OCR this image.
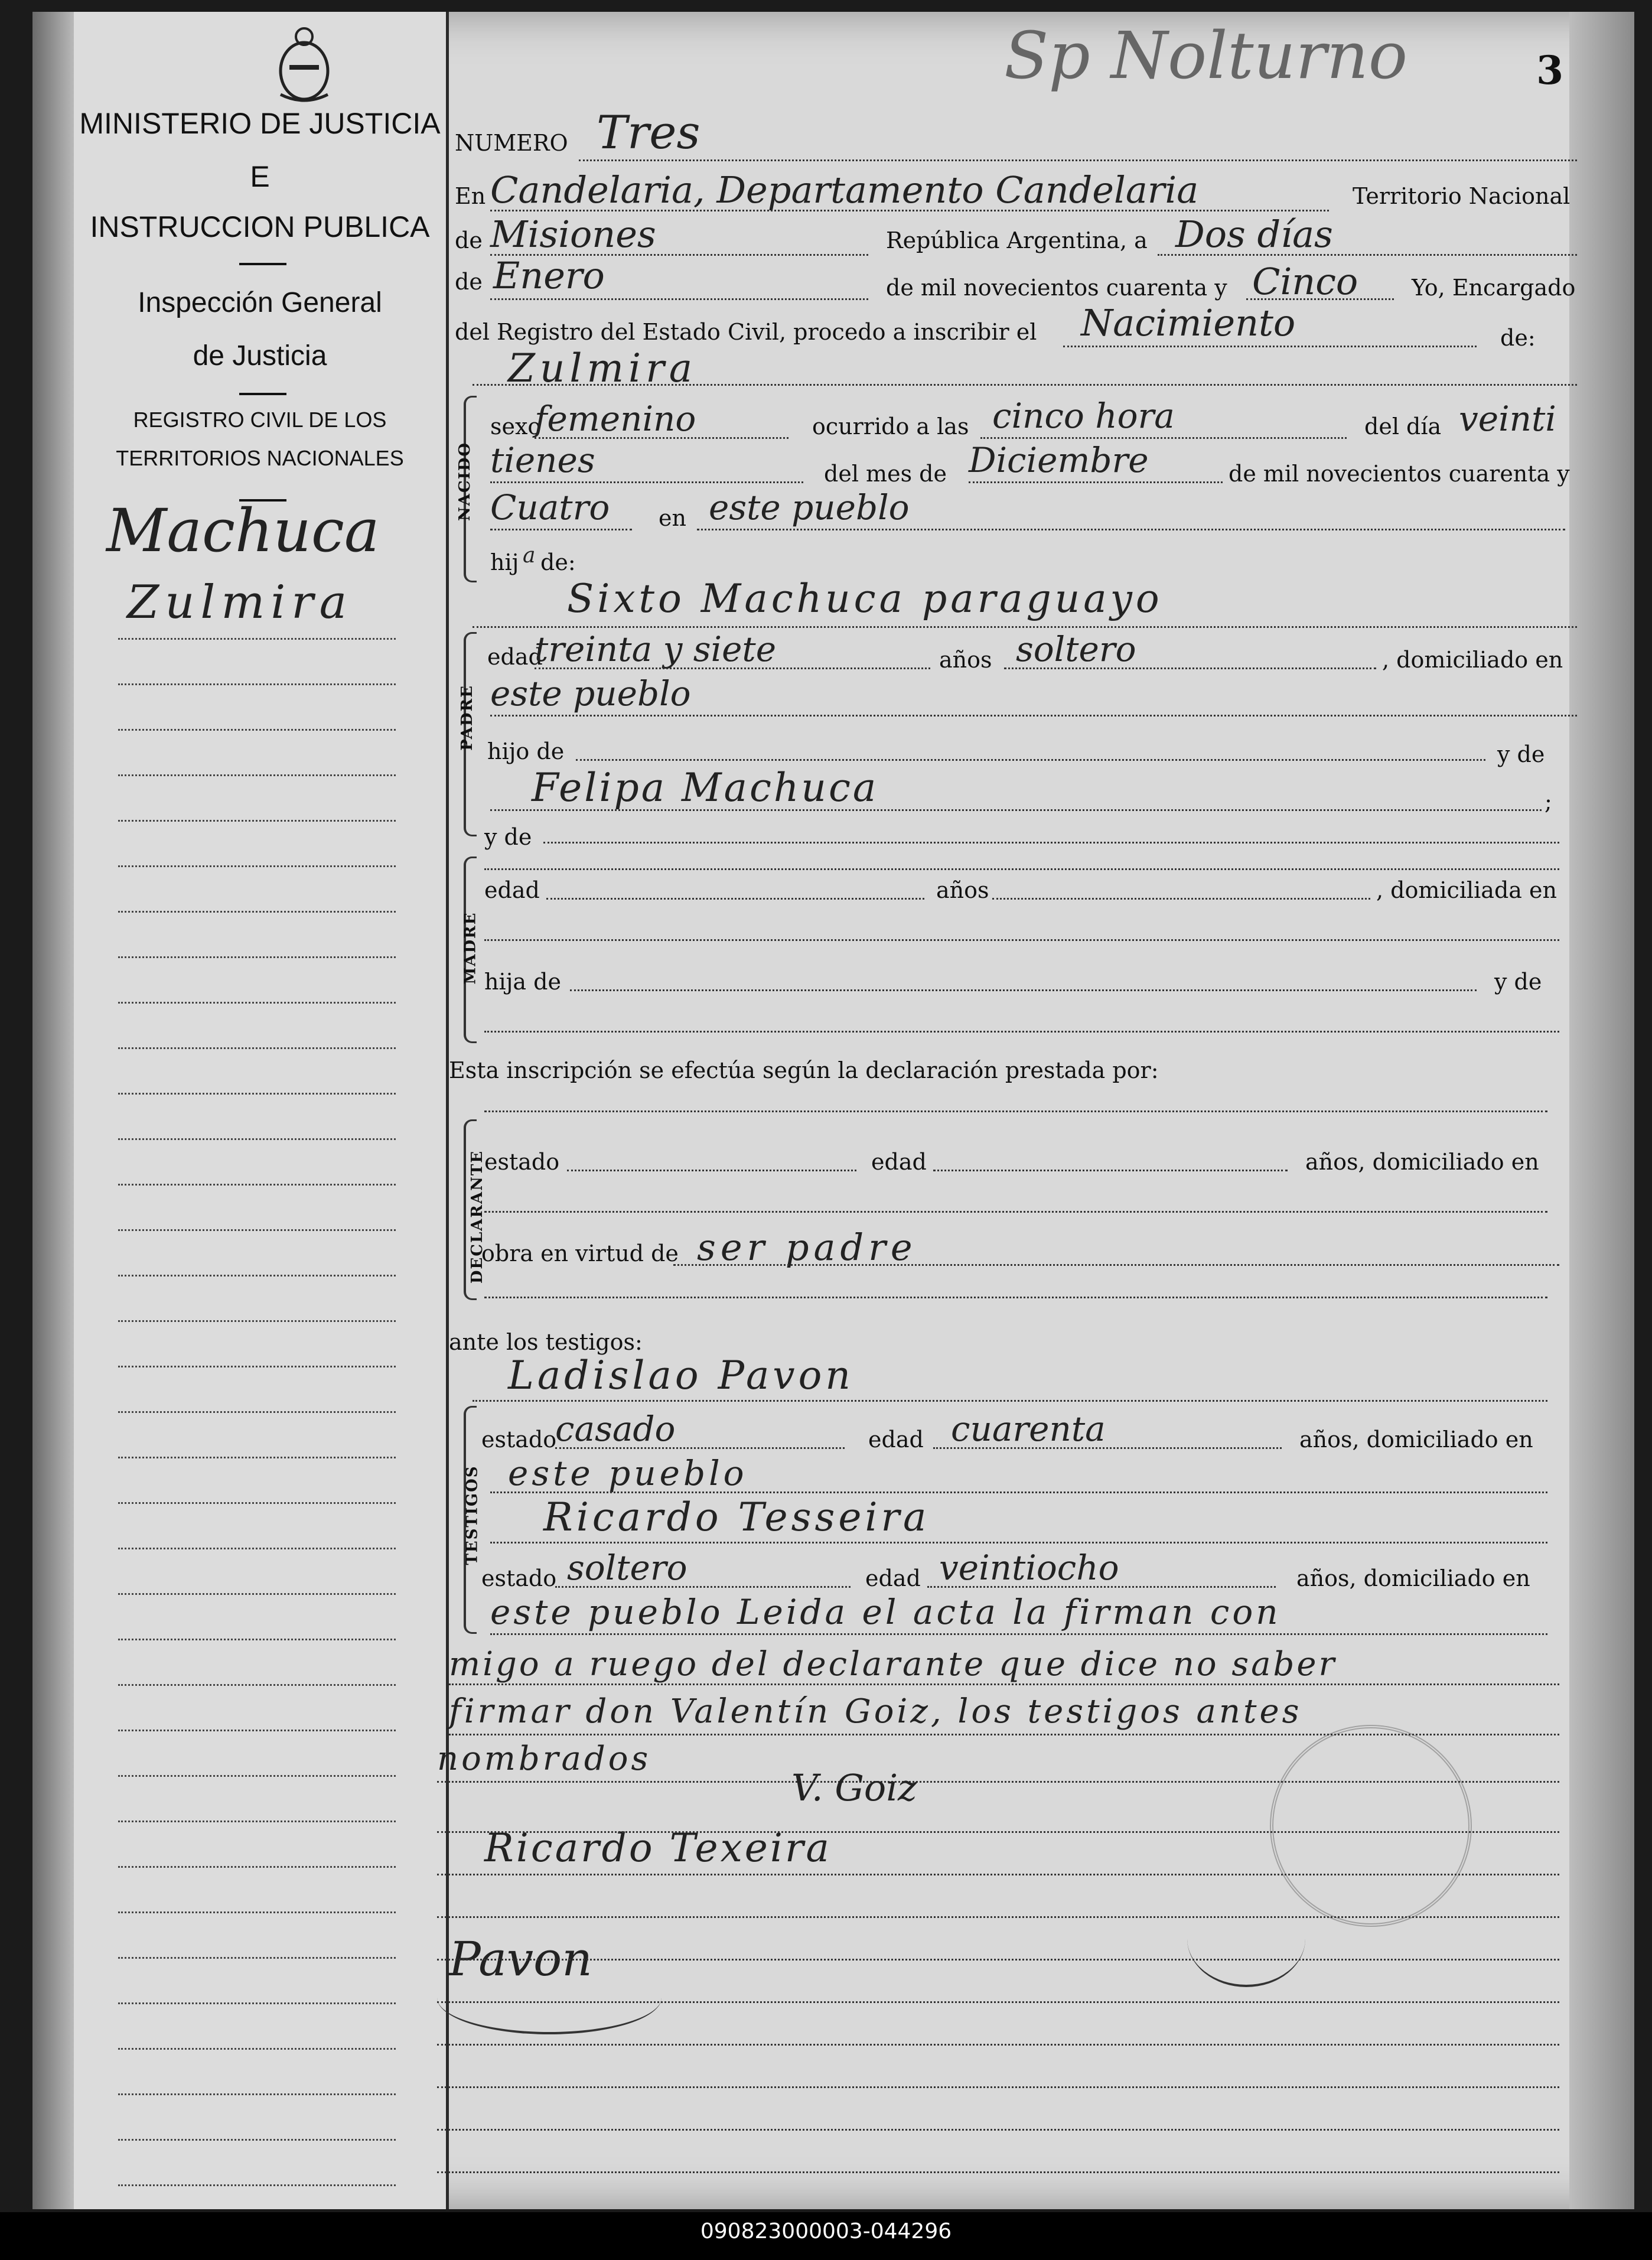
MINISTERIO DE JUSTICIA
E
INSTRUCCION PUBLICA
Inspección General
de Justicia
REGISTRO CIVIL DE LOS
TERRITORIOS NACIONALES
Machuca
Zulmira
Sp Nolturno	3
NUMERO Tres
En Candelaria, Departamento Candelaria	Territorio Nacional
de Misiones	República Argentina, a Dos días
de Enero	de mil novecientos cuarenta y Cinco Yo, Encargado
del Registro del Estado Civil, procedo a inscribir el Nacimiento	de:
Zulmira
NACIDO
sexo
femenino	ocurrido a las cinco hora	del día veinti
tienes	del mes de Diciembre	de mil novecientos cuarenta y
Cuatro en este pueblo
hij a de:
Sixto Machuca paraguayo
PADRE
edad
treinta y siete	años soltero	, domiciliado en
este pueblo
hijo de	y de
Felipa Machuca	;
y de
MADRE
edad	años	, domiciliada en
hija de	y de
Esta inscripción se efectúa según la declaración prestada por:
DECLARANTE
estado	edad	años, domiciliado en
obra en virtud de ser padre
ante los testigos:
Ladislao Pavon
TESTIGOS
estado
casado	edad cuarenta	años, domiciliado en
este pueblo
Ricardo Tesseira
estado soltero	edad veintiocho	años, domiciliado en
este pueblo Leida el acta la firman con
migo a ruego del declarante que dice no saber
firmar don Valentín Goiz, los testigos antes
nombrados
V. Goiz
Ricardo Texeira
Pavon
090823000003-044296
